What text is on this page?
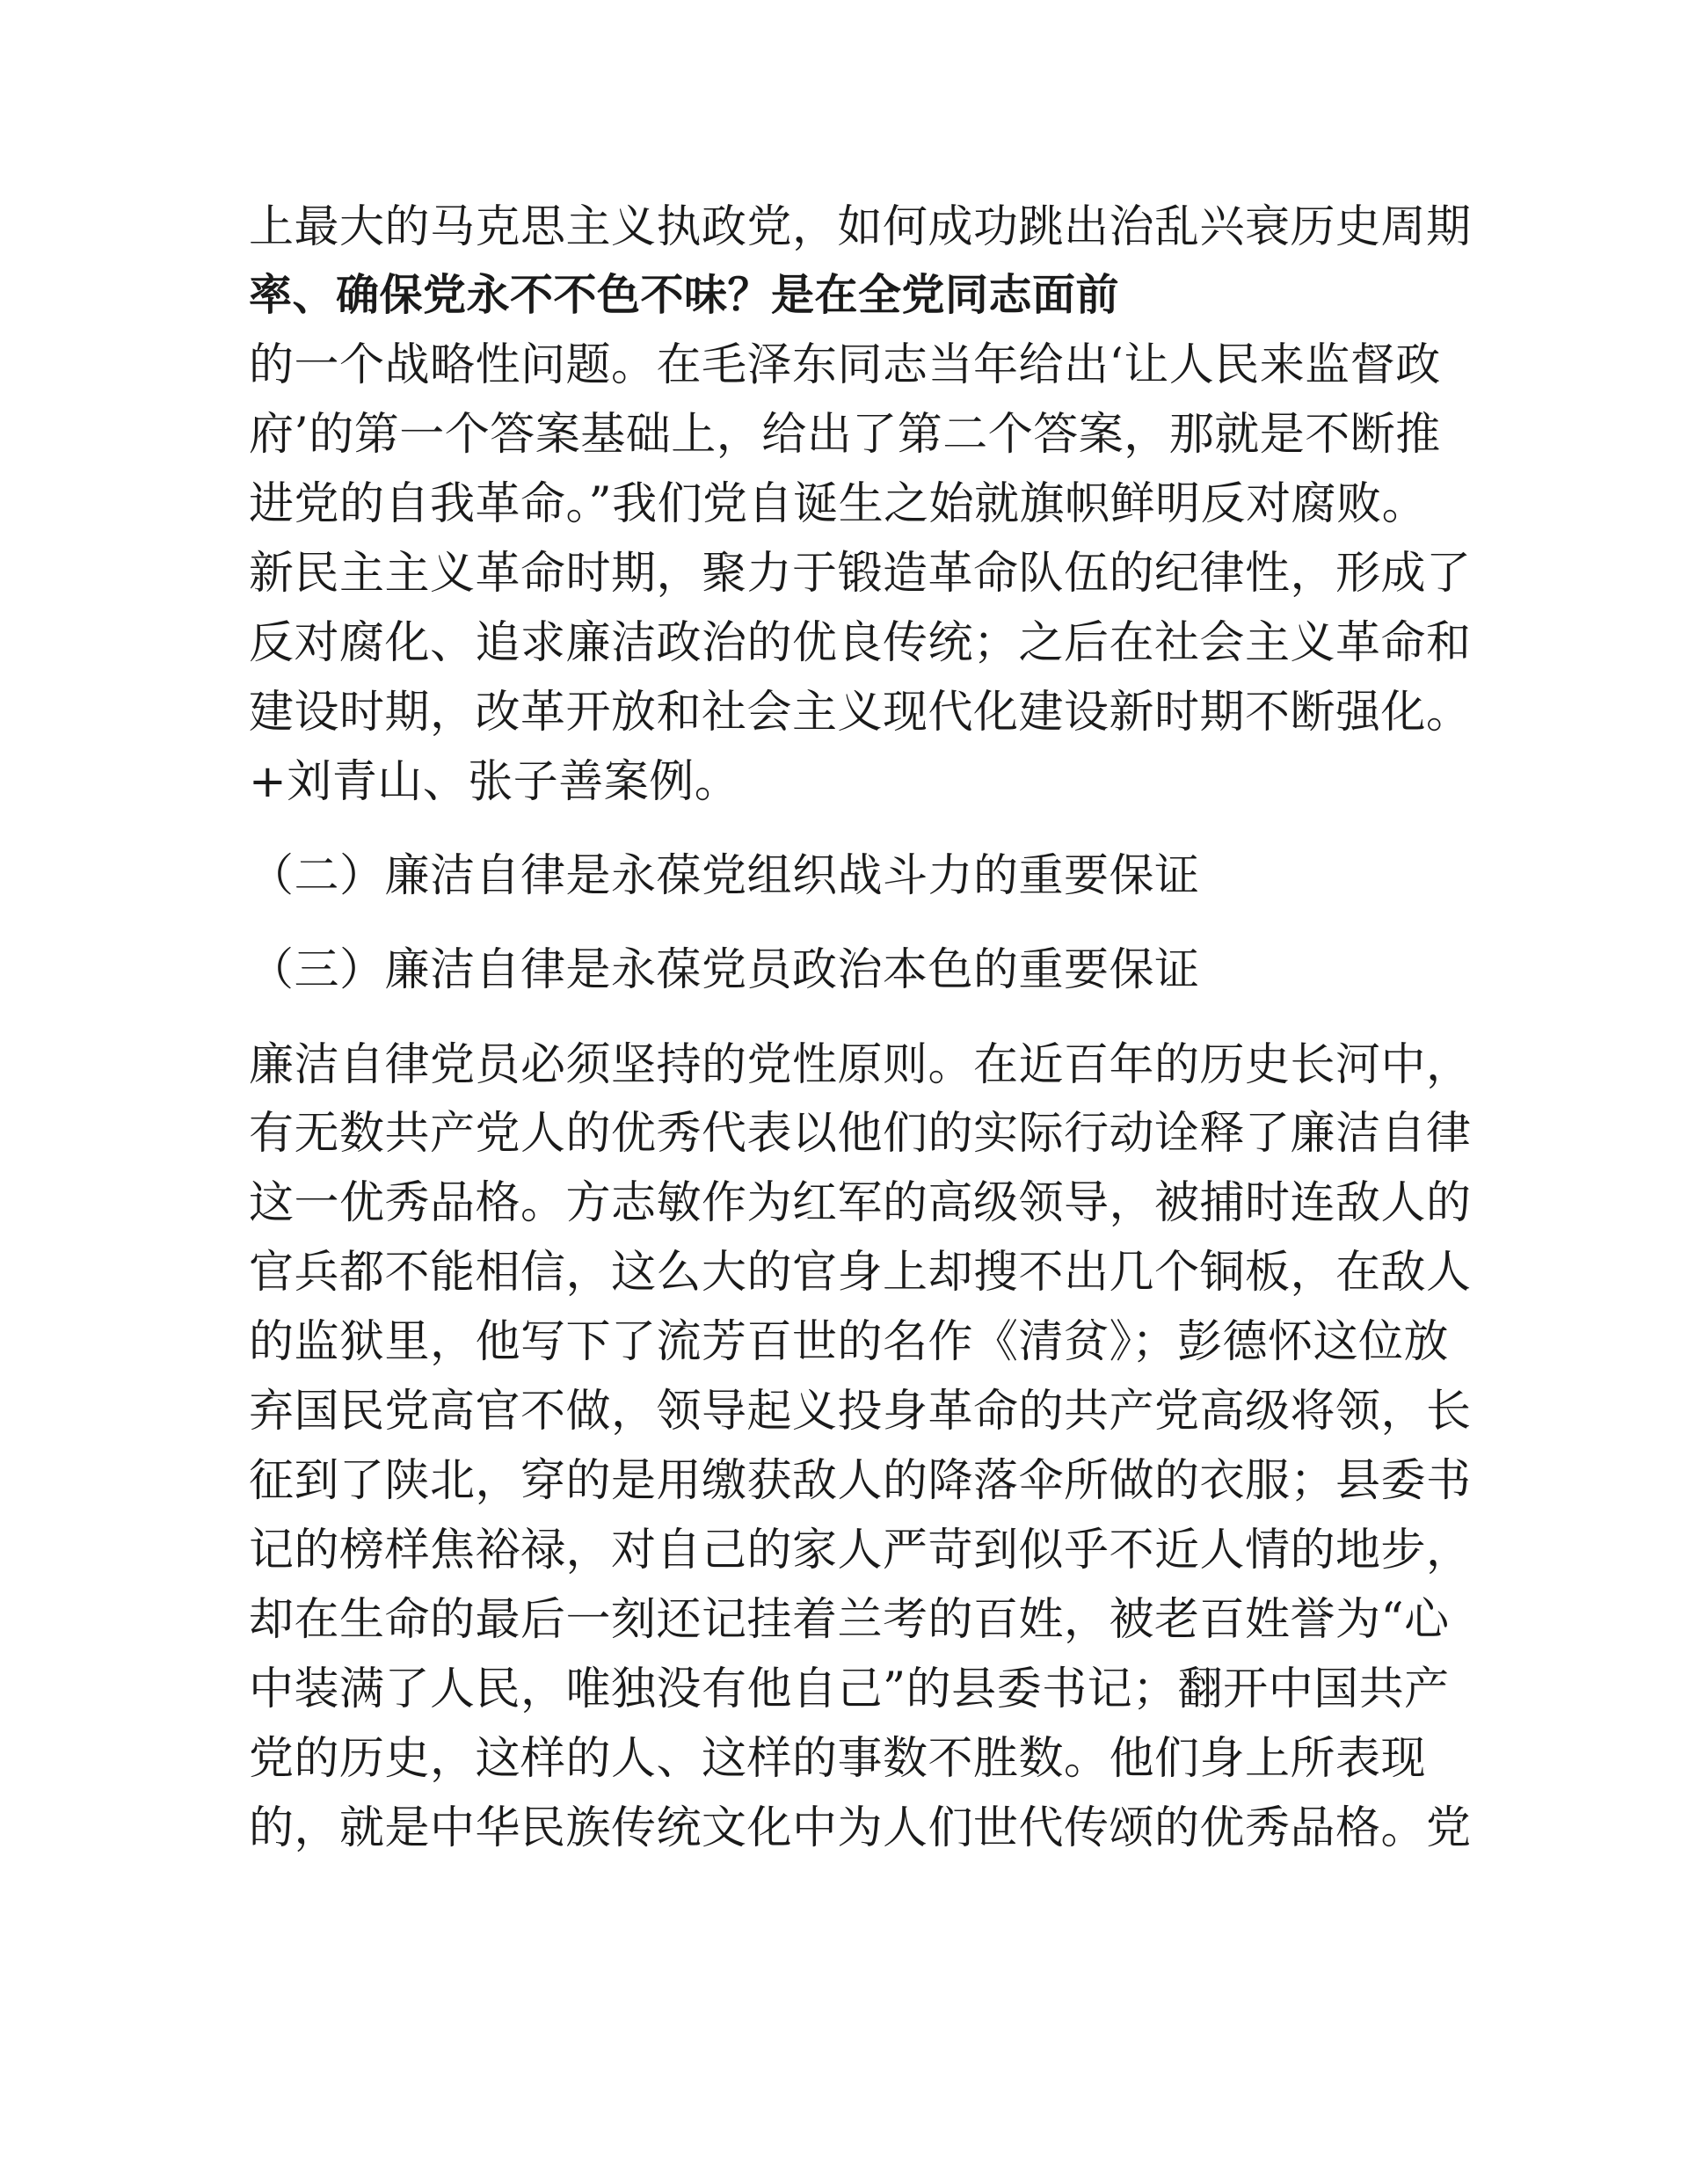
上最大的马克思主义执政党，如何成功跳出治乱兴衰历史周期

率、确保党永不不色不味？是在全党同志面前

的一个战略性问题。在毛泽东同志当年给出‘让人民来监督政

府’的第一个答案基础上，给出了第二个答案，那就是不断推

进党的自我革命。”我们党自诞生之始就旗帜鲜明反对腐败。

新民主主义革命时期，聚力于锻造革命队伍的纪律性，形成了

反对腐化、追求廉洁政治的优良传统；之后在社会主义革命和

建设时期，改革开放和社会主义现代化建设新时期不断强化。

+刘青山、张子善案例。

（二）廉洁自律是永葆党组织战斗力的重要保证

（三）廉洁自律是永葆党员政治本色的重要保证

廉洁自律党员必须坚持的党性原则。在近百年的历史长河中，

有无数共产党人的优秀代表以他们的实际行动诠释了廉洁自律

这一优秀品格。方志敏作为红军的高级领导，被捕时连敌人的

官兵都不能相信，这么大的官身上却搜不出几个铜板，在敌人

的监狱里，他写下了流芳百世的名作《清贫》；彭德怀这位放

弃国民党高官不做，领导起义投身革命的共产党高级将领，长

征到了陕北，穿的是用缴获敌人的降落伞所做的衣服；县委书

记的榜样焦裕禄，对自己的家人严苛到似乎不近人情的地步，

却在生命的最后一刻还记挂着兰考的百姓，被老百姓誉为“心

中装满了人民，唯独没有他自己”的县委书记；翻开中国共产

党的历史，这样的人、这样的事数不胜数。他们身上所表现

的，就是中华民族传统文化中为人们世代传颂的优秀品格。党
